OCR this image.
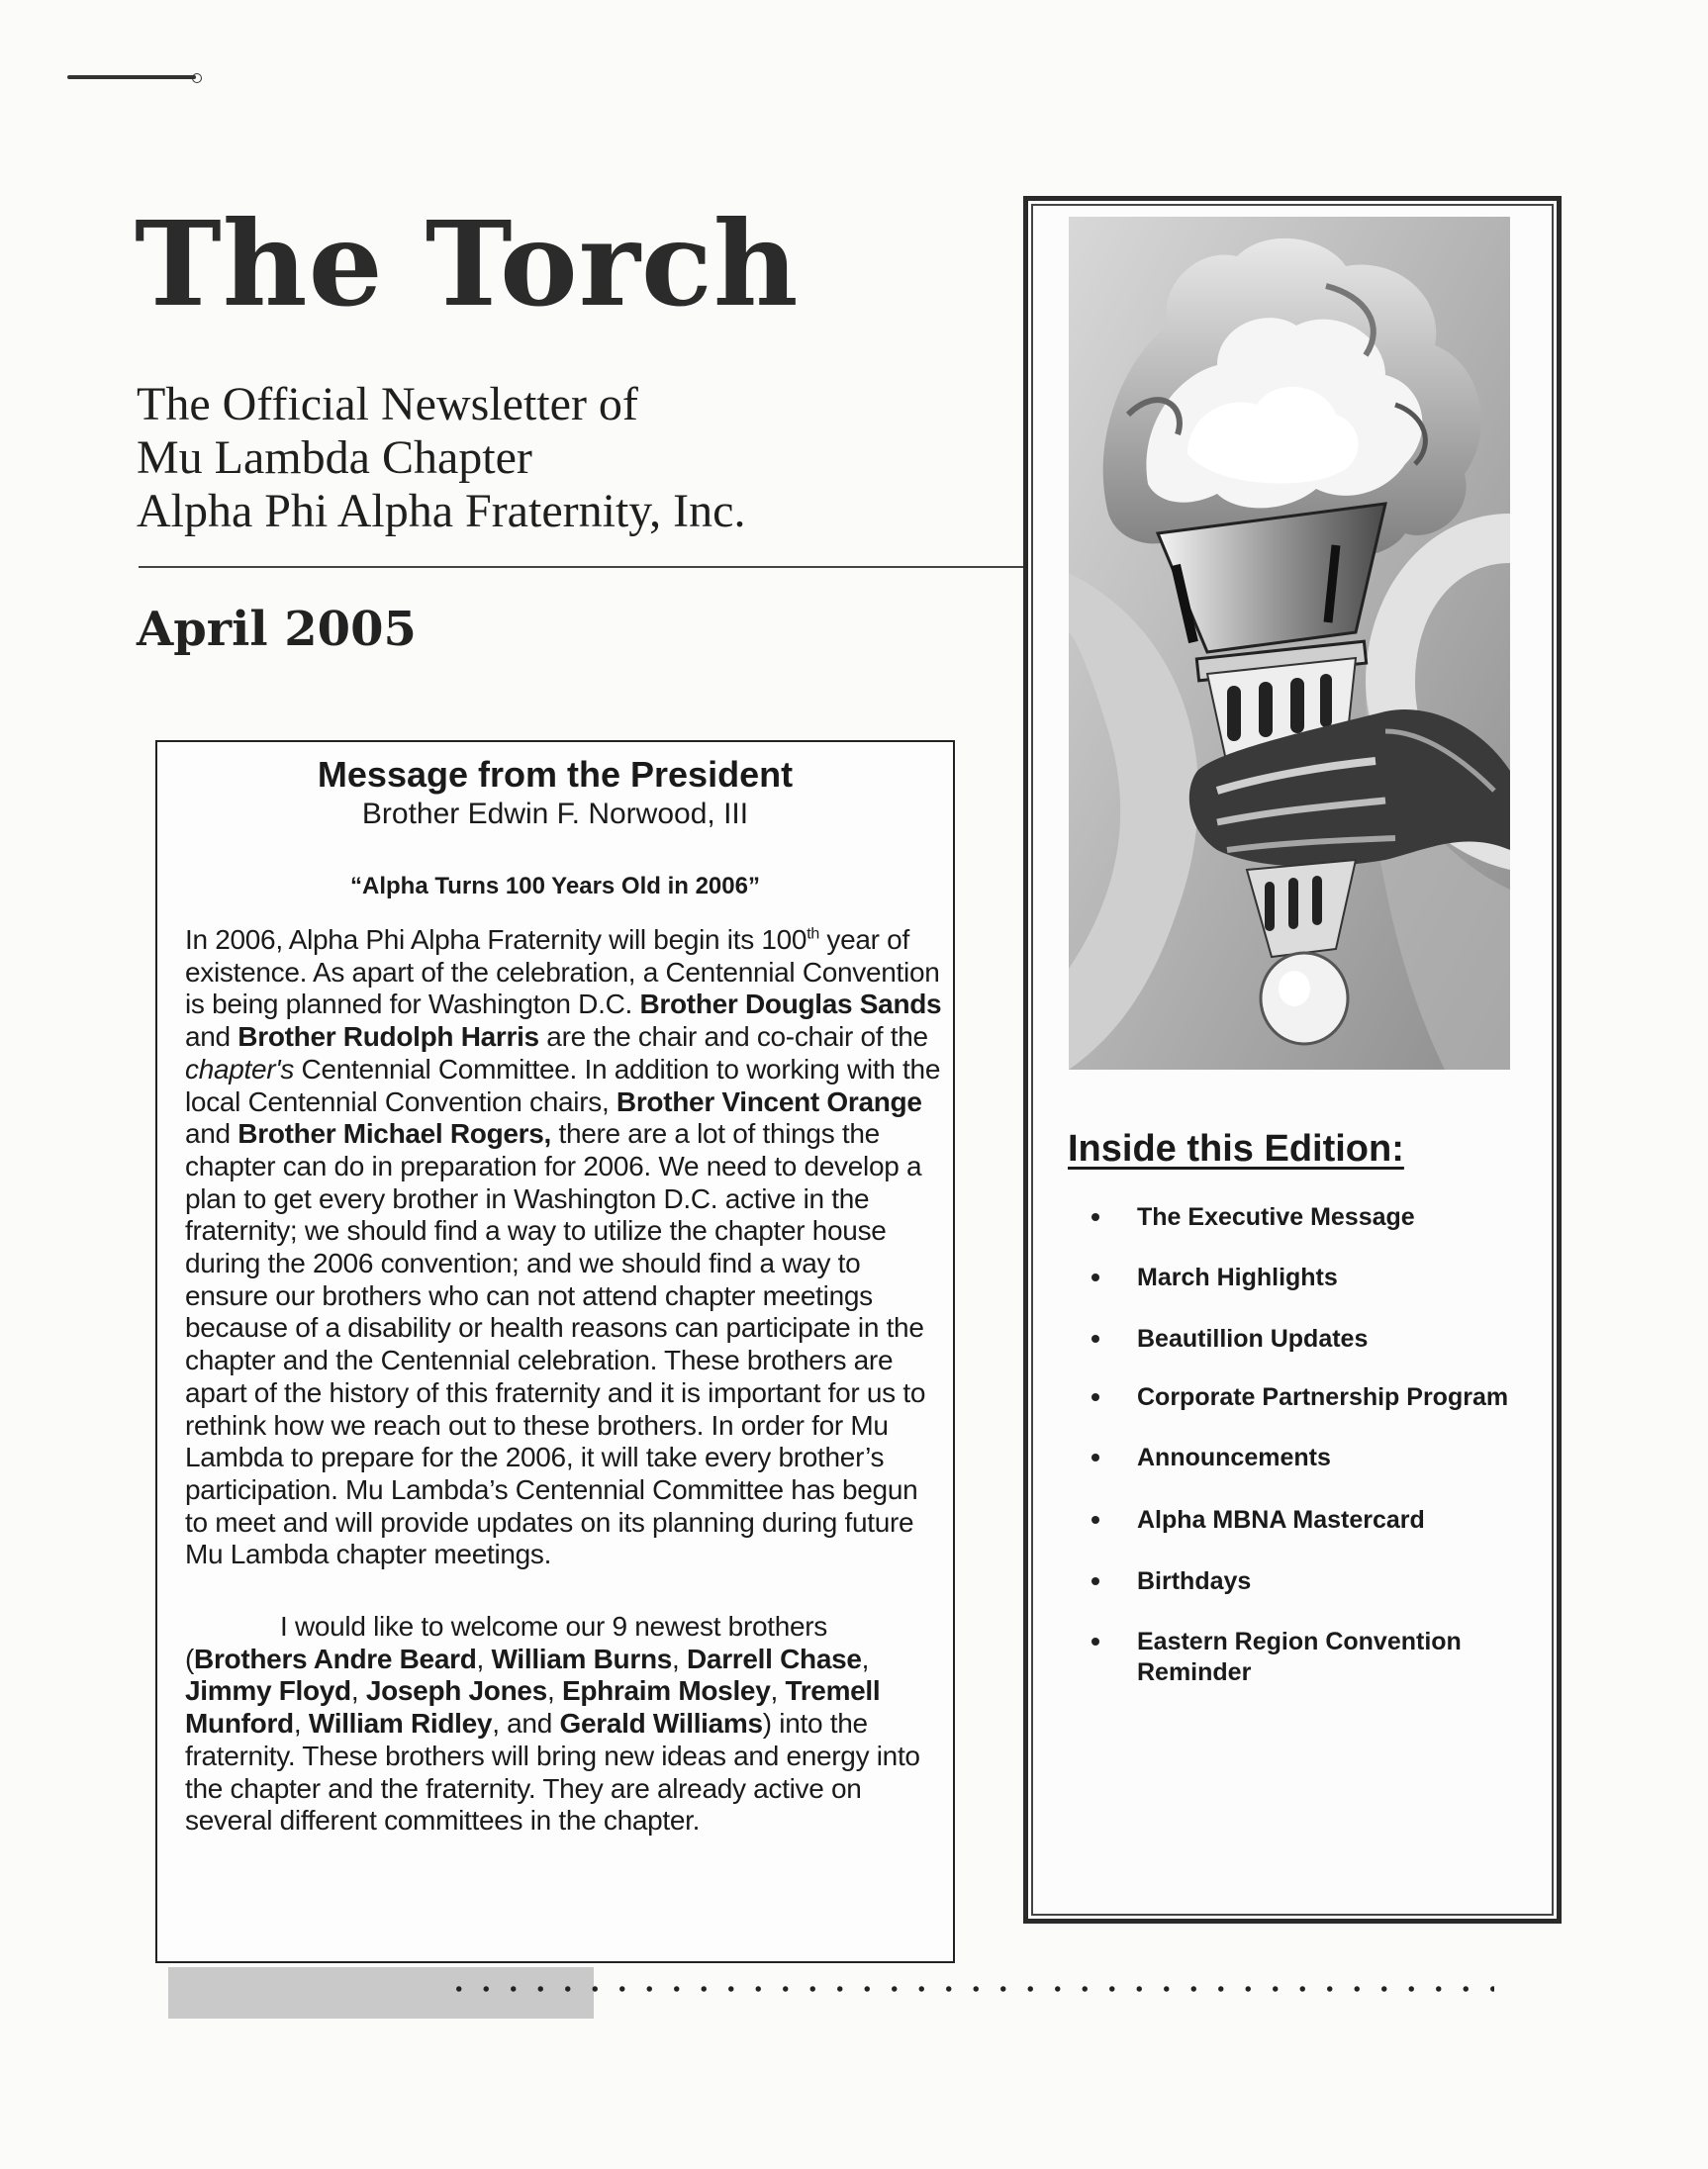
The Torch
The Official Newsletter of
Mu Lambda Chapter
Alpha Phi Alpha Fraternity, Inc.
April 2005
Message from the President
Brother Edwin F. Norwood, III
“Alpha Turns 100 Years Old in 2006”

In 2006, Alpha Phi Alpha Fraternity will begin its 100th year of existence. As apart of the celebration, a Centennial Convention is being planned for Washington D.C. Brother Douglas Sands and Brother Rudolph Harris are the chair and co-chair of the chapter's Centennial Committee. In addition to working with the local Centennial Convention chairs, Brother Vincent Orange and Brother Michael Rogers, there are a lot of things the chapter can do in preparation for 2006. We need to develop a plan to get every brother in Washington D.C. active in the fraternity; we should find a way to utilize the chapter house during the 2006 convention; and we should find a way to ensure our brothers who can not attend chapter meetings because of a disability or health reasons can participate in the chapter and the Centennial celebration. These brothers are apart of the history of this fraternity and it is important for us to rethink how we reach out to these brothers. In order for Mu Lambda to prepare for the 2006, it will take every brother’s participation. Mu Lambda’s Centennial Committee has begun to meet and will provide updates on its planning during future Mu Lambda chapter meetings.

I would like to welcome our 9 newest brothers (Brothers Andre Beard, William Burns, Darrell Chase, Jimmy Floyd, Joseph Jones, Ephraim Mosley, Tremell Munford, William Ridley, and Gerald Williams) into the fraternity. These brothers will bring new ideas and energy into the chapter and the fraternity. They are already active on several different committees in the chapter.

Inside this Edition:
The Executive Message
March Highlights
Beautillion Updates
Corporate Partnership Program
Announcements
Alpha MBNA Mastercard
Birthdays
Eastern Region Convention Reminder
